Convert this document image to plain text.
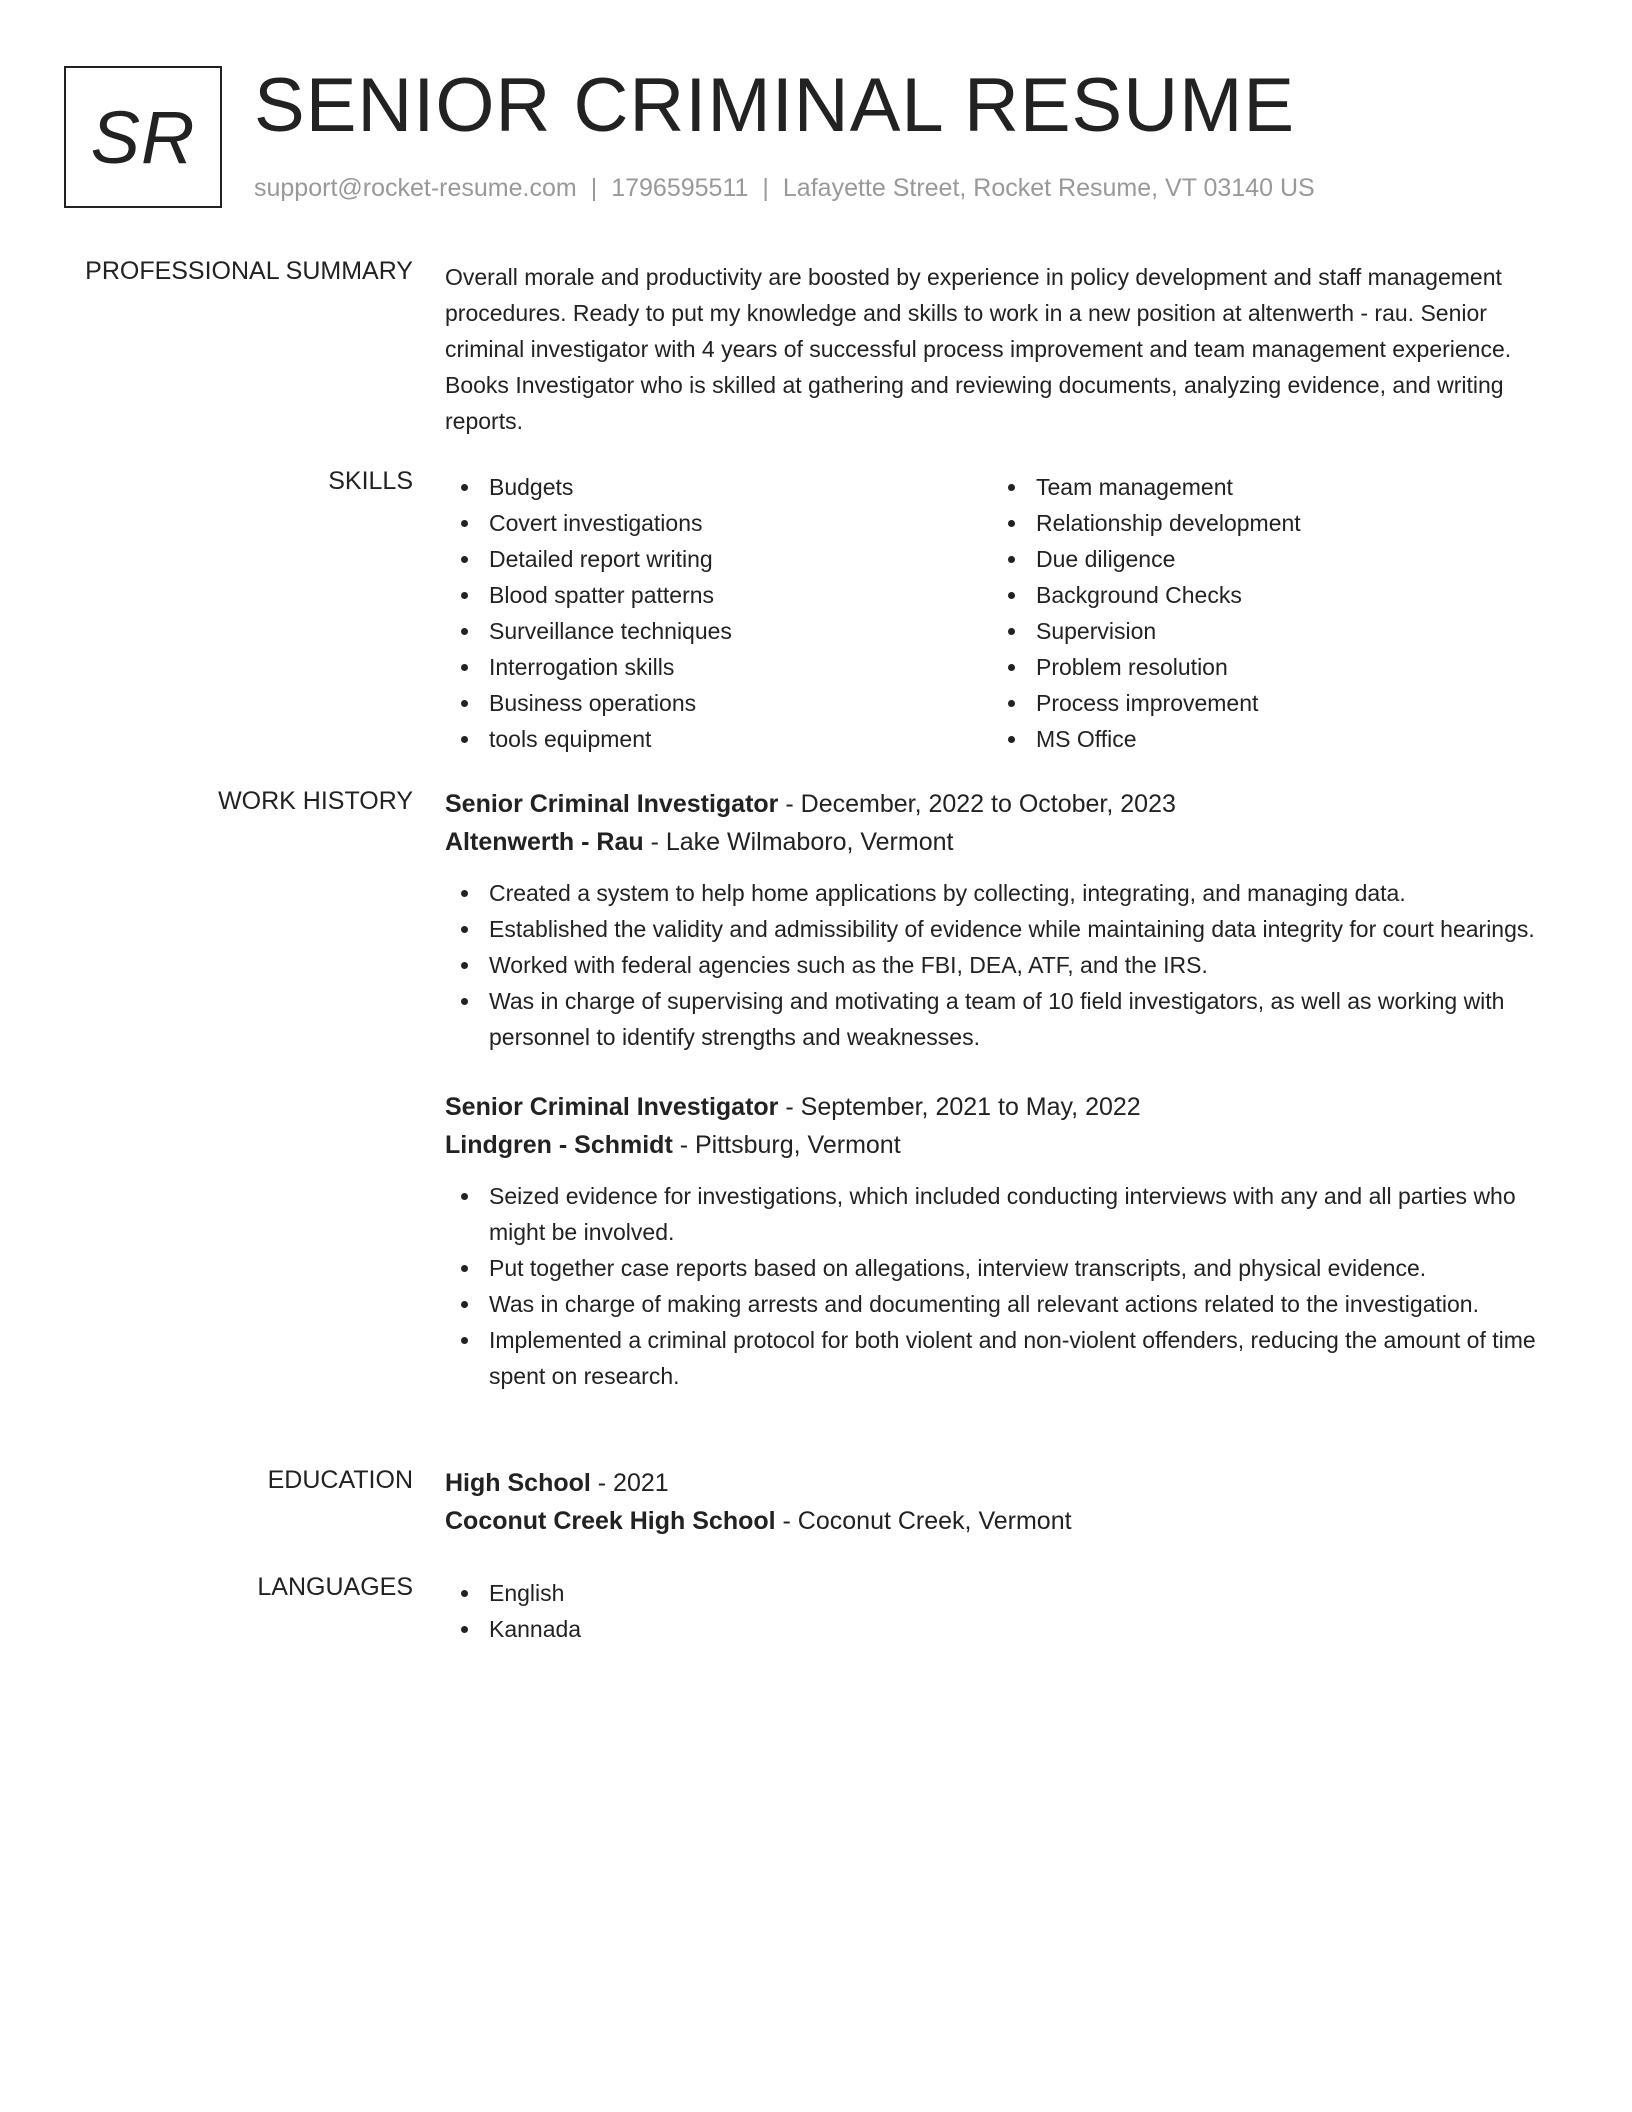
SR SENIOR CRIMINAL RESUME
support@rocket-resume.com | 1796595511 | Lafayette Street, Rocket Resume, VT 03140 US
PROFESSIONAL SUMMARY Overall morale and productivity are boosted by experience in policy development and staff management procedures. Ready to put my knowledge and skills to work in a new position at altenwerth - rau. Senior criminal investigator with 4 years of successful process improvement and team management experience. Books Investigator who is skilled at gathering and reviewing documents, analyzing evidence, and writing reports.
SKILLS	Budgets
Covert investigations
Detailed report writing
Blood spatter patterns
Surveillance techniques
Interrogation skills
Business operations
tools equipment
Team management
Relationship development
Due diligence
Background Checks
Supervision
Problem resolution
Process improvement
MS Office
WORK HISTORY Senior Criminal Investigator - December, 2022 to October, 2023
Altenwerth - Rau - Lake Wilmaboro, Vermont
Created a system to help home applications by collecting, integrating, and managing data.
Established the validity and admissibility of evidence while maintaining data integrity for court hearings.
Worked with federal agencies such as the FBI, DEA, ATF, and the IRS.
Was in charge of supervising and motivating a team of 10 field investigators, as well as working with personnel to identify strengths and weaknesses.
Senior Criminal Investigator - September, 2021 to May, 2022
Lindgren - Schmidt - Pittsburg, Vermont
Seized evidence for investigations, which included conducting interviews with any and all parties who might be involved.
Put together case reports based on allegations, interview transcripts, and physical evidence.
Was in charge of making arrests and documenting all relevant actions related to the investigation.
Implemented a criminal protocol for both violent and non-violent offenders, reducing the amount of time spent on research.
EDUCATION High School - 2021
Coconut Creek High School - Coconut Creek, Vermont
LANGUAGES	English
Kannada
